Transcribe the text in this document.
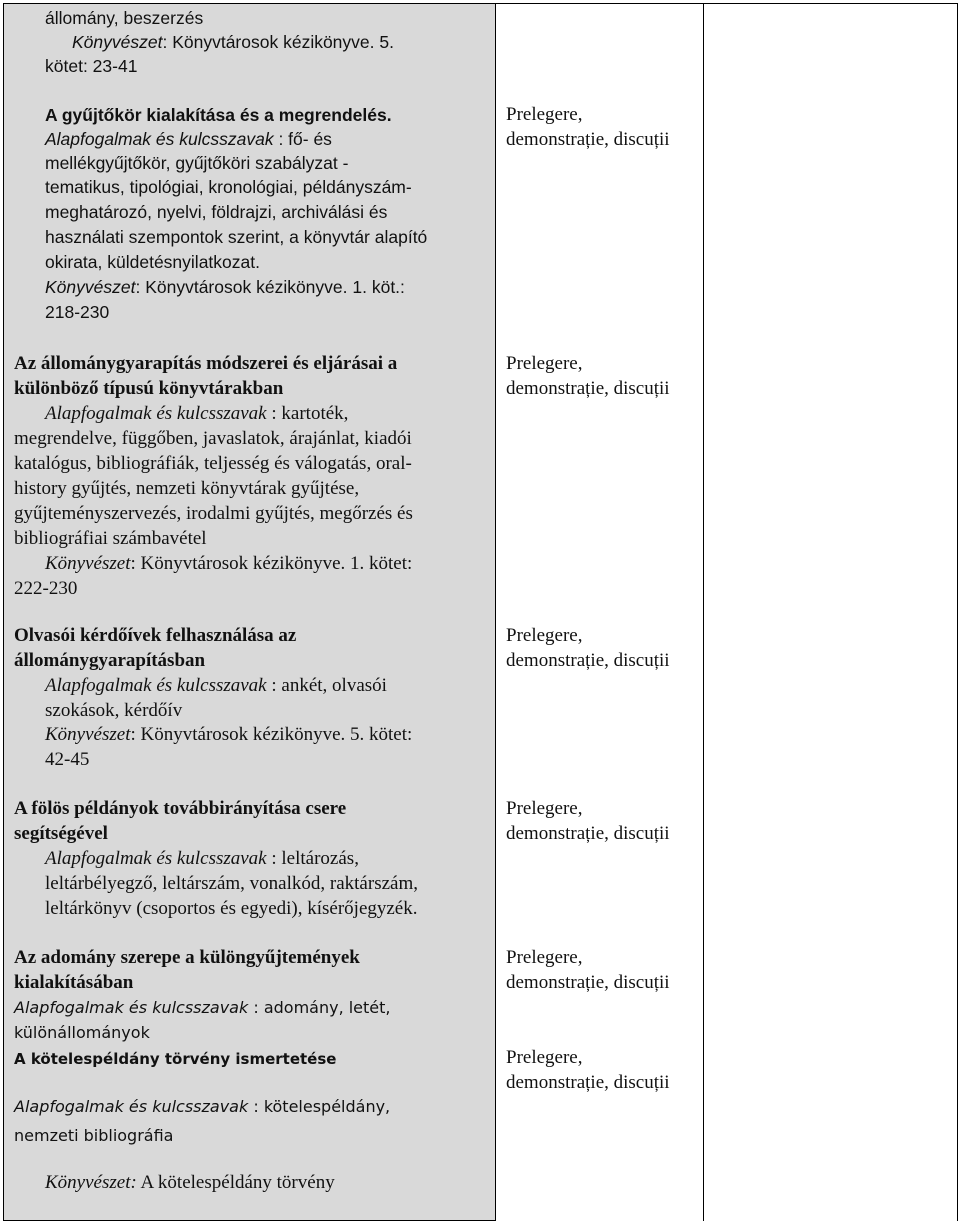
állomány, beszerzés
Könyvészet: Könyvtárosok kézikönyve. 5.
kötet: 23-41
A gyűjtőkör kialakítása és a megrendelés.
Alapfogalmak és kulcsszavak : fő- és
mellékgyűjtőkör, gyűjtőköri szabályzat -
tematikus, tipológiai, kronológiai, példányszám-
meghatározó, nyelvi, földrajzi, archiválási és
használati szempontok szerint, a könyvtár alapító
okirata, küldetésnyilatkozat.
Könyvészet: Könyvtárosok kézikönyve. 1. köt.:
218-230
Prelegere,
demonstrație, discuții
Az állománygyarapítás módszerei és eljárásai a
különböző típusú könyvtárakban
Alapfogalmak és kulcsszavak : kartoték,
megrendelve, függőben, javaslatok, árajánlat, kiadói
katalógus, bibliográfiák, teljesség és válogatás, oral-
history gyűjtés, nemzeti könyvtárak gyűjtése,
gyűjteményszervezés, irodalmi gyűjtés, megőrzés és
bibliográfiai számbavétel
Könyvészet: Könyvtárosok kézikönyve. 1. kötet:
222-230
Prelegere,
demonstrație, discuții
Olvasói kérdőívek felhasználása az
állománygyarapításban
Alapfogalmak és kulcsszavak : ankét, olvasói
szokások, kérdőív
Könyvészet: Könyvtárosok kézikönyve. 5. kötet:
42-45
Prelegere,
demonstrație, discuții
A fölös példányok továbbirányítása csere
segítségével
Alapfogalmak és kulcsszavak : leltározás,
leltárbélyegző, leltárszám, vonalkód, raktárszám,
leltárkönyv (csoportos és egyedi), kísérőjegyzék.
Prelegere,
demonstrație, discuții
Az adomány szerepe a különgyűjtemények
kialakításában
Alapfogalmak és kulcsszavak : adomány, letét,
különállományok
Prelegere,
demonstrație, discuții
A kötelespéldány törvény ismertetése
Alapfogalmak és kulcsszavak : kötelespéldány,
nemzeti bibliográfia
Könyvészet: A kötelespéldány törvény
Prelegere,
demonstrație, discuții
